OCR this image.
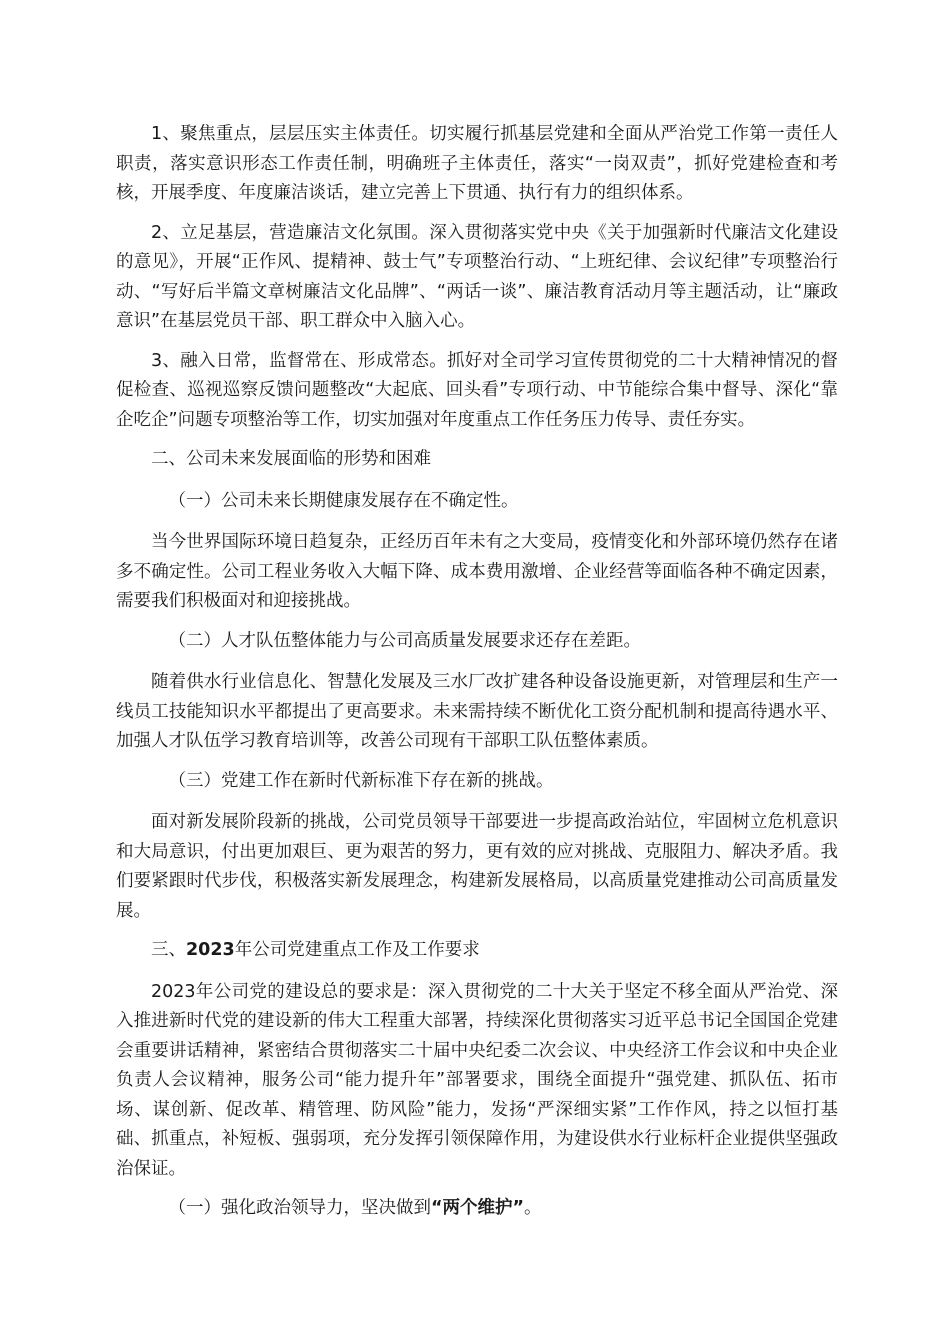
1、聚焦重点，层层压实主体责任。切实履行抓基层党建和全面从严治党工作第一责任人职责，落实意识形态工作责任制，明确班子主体责任，落实“一岗双责”，抓好党建检查和考核，开展季度、年度廉洁谈话，建立完善上下贯通、执行有力的组织体系。

2、立足基层，营造廉洁文化氛围。深入贯彻落实党中央《关于加强新时代廉洁文化建设的意见》，开展“正作风、提精神、鼓士气”专项整治行动、“上班纪律、会议纪律”专项整治行动、“写好后半篇文章树廉洁文化品牌”、“两话一谈”、廉洁教育活动月等主题活动，让“廉政意识”在基层党员干部、职工群众中入脑入心。

3、融入日常，监督常在、形成常态。抓好对全司学习宣传贯彻党的二十大精神情况的督促检查、巡视巡察反馈问题整改“大起底、回头看”专项行动、中节能综合集中督导、深化“靠企吃企”问题专项整治等工作，切实加强对年度重点工作任务压力传导、责任夯实。

二、公司未来发展面临的形势和困难

（一）公司未来长期健康发展存在不确定性。

当今世界国际环境日趋复杂，正经历百年未有之大变局，疫情变化和外部环境仍然存在诸多不确定性。公司工程业务收入大幅下降、成本费用激增、企业经营等面临各种不确定因素，需要我们积极面对和迎接挑战。

（二）人才队伍整体能力与公司高质量发展要求还存在差距。

随着供水行业信息化、智慧化发展及三水厂改扩建各种设备设施更新，对管理层和生产一线员工技能知识水平都提出了更高要求。未来需持续不断优化工资分配机制和提高待遇水平、加强人才队伍学习教育培训等，改善公司现有干部职工队伍整体素质。

（三）党建工作在新时代新标准下存在新的挑战。

面对新发展阶段新的挑战，公司党员领导干部要进一步提高政治站位，牢固树立危机意识和大局意识，付出更加艰巨、更为艰苦的努力，更有效的应对挑战、克服阻力、解决矛盾。我们要紧跟时代步伐，积极落实新发展理念，构建新发展格局，以高质量党建推动公司高质量发展。

三、2023年公司党建重点工作及工作要求

2023年公司党的建设总的要求是：深入贯彻党的二十大关于坚定不移全面从严治党、深入推进新时代党的建设新的伟大工程重大部署，持续深化贯彻落实习近平总书记全国国企党建会重要讲话精神，紧密结合贯彻落实二十届中央纪委二次会议、中央经济工作会议和中央企业负责人会议精神，服务公司“能力提升年”部署要求，围绕全面提升“强党建、抓队伍、拓市场、谋创新、促改革、精管理、防风险”能力，发扬“严深细实紧”工作作风，持之以恒打基础、抓重点，补短板、强弱项，充分发挥引领保障作用，为建设供水行业标杆企业提供坚强政治保证。

（一）强化政治领导力，坚决做到“两个维护”。
